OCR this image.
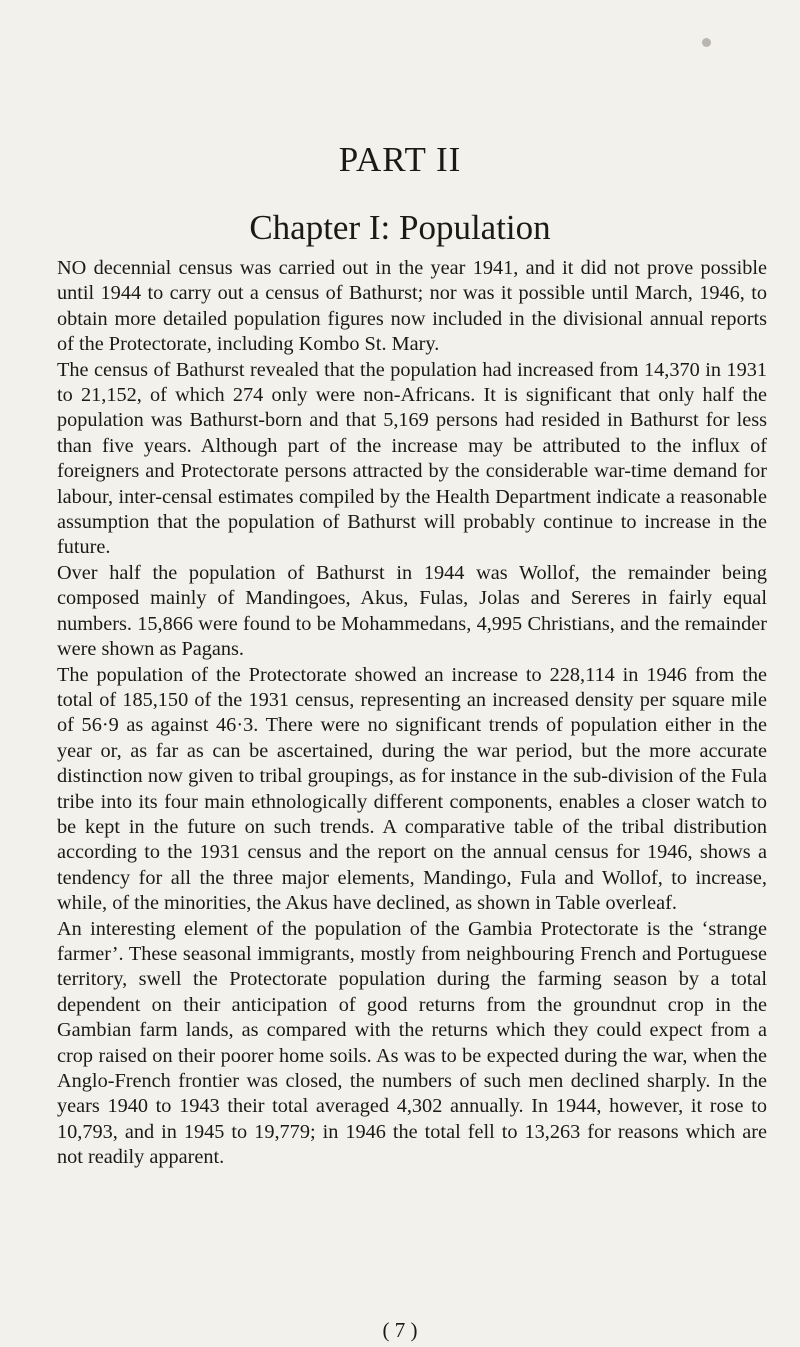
PART II
Chapter I: Population

NO decennial census was carried out in the year 1941, and it did not prove possible until 1944 to carry out a census of Bathurst; nor was it possible until March, 1946, to obtain more detailed population figures now included in the divisional annual reports of the Protectorate, including Kombo St. Mary.

The census of Bathurst revealed that the population had increased from 14,370 in 1931 to 21,152, of which 274 only were non-Africans. It is significant that only half the population was Bathurst-born and that 5,169 persons had resided in Bathurst for less than five years. Although part of the increase may be attributed to the influx of foreigners and Protectorate persons attracted by the considerable war-time demand for labour, inter-censal estimates compiled by the Health Department indicate a reasonable assumption that the population of Bathurst will probably continue to increase in the future.

Over half the population of Bathurst in 1944 was Wollof, the remainder being composed mainly of Mandingoes, Akus, Fulas, Jolas and Sereres in fairly equal numbers. 15,866 were found to be Mohammedans, 4,995 Christians, and the remainder were shown as Pagans.

The population of the Protectorate showed an increase to 228,114 in 1946 from the total of 185,150 of the 1931 census, representing an increased density per square mile of 56·9 as against 46·3. There were no significant trends of population either in the year or, as far as can be ascertained, during the war period, but the more accurate distinction now given to tribal groupings, as for instance in the sub-division of the Fula tribe into its four main ethnologically different components, enables a closer watch to be kept in the future on such trends. A comparative table of the tribal distribution according to the 1931 census and the report on the annual census for 1946, shows a tendency for all the three major elements, Mandingo, Fula and Wollof, to increase, while, of the minorities, the Akus have declined, as shown in Table overleaf.

An interesting element of the population of the Gambia Protectorate is the ‘strange farmer’. These seasonal immigrants, mostly from neighbouring French and Portuguese territory, swell the Protectorate population during the farming season by a total dependent on their anticipation of good returns from the groundnut crop in the Gambian farm lands, as compared with the returns which they could expect from a crop raised on their poorer home soils. As was to be expected during the war, when the Anglo-French frontier was closed, the numbers of such men declined sharply. In the years 1940 to 1943 their total averaged 4,302 annually. In 1944, however, it rose to 10,793, and in 1945 to 19,779; in 1946 the total fell to 13,263 for reasons which are not readily apparent.

( 7 )
